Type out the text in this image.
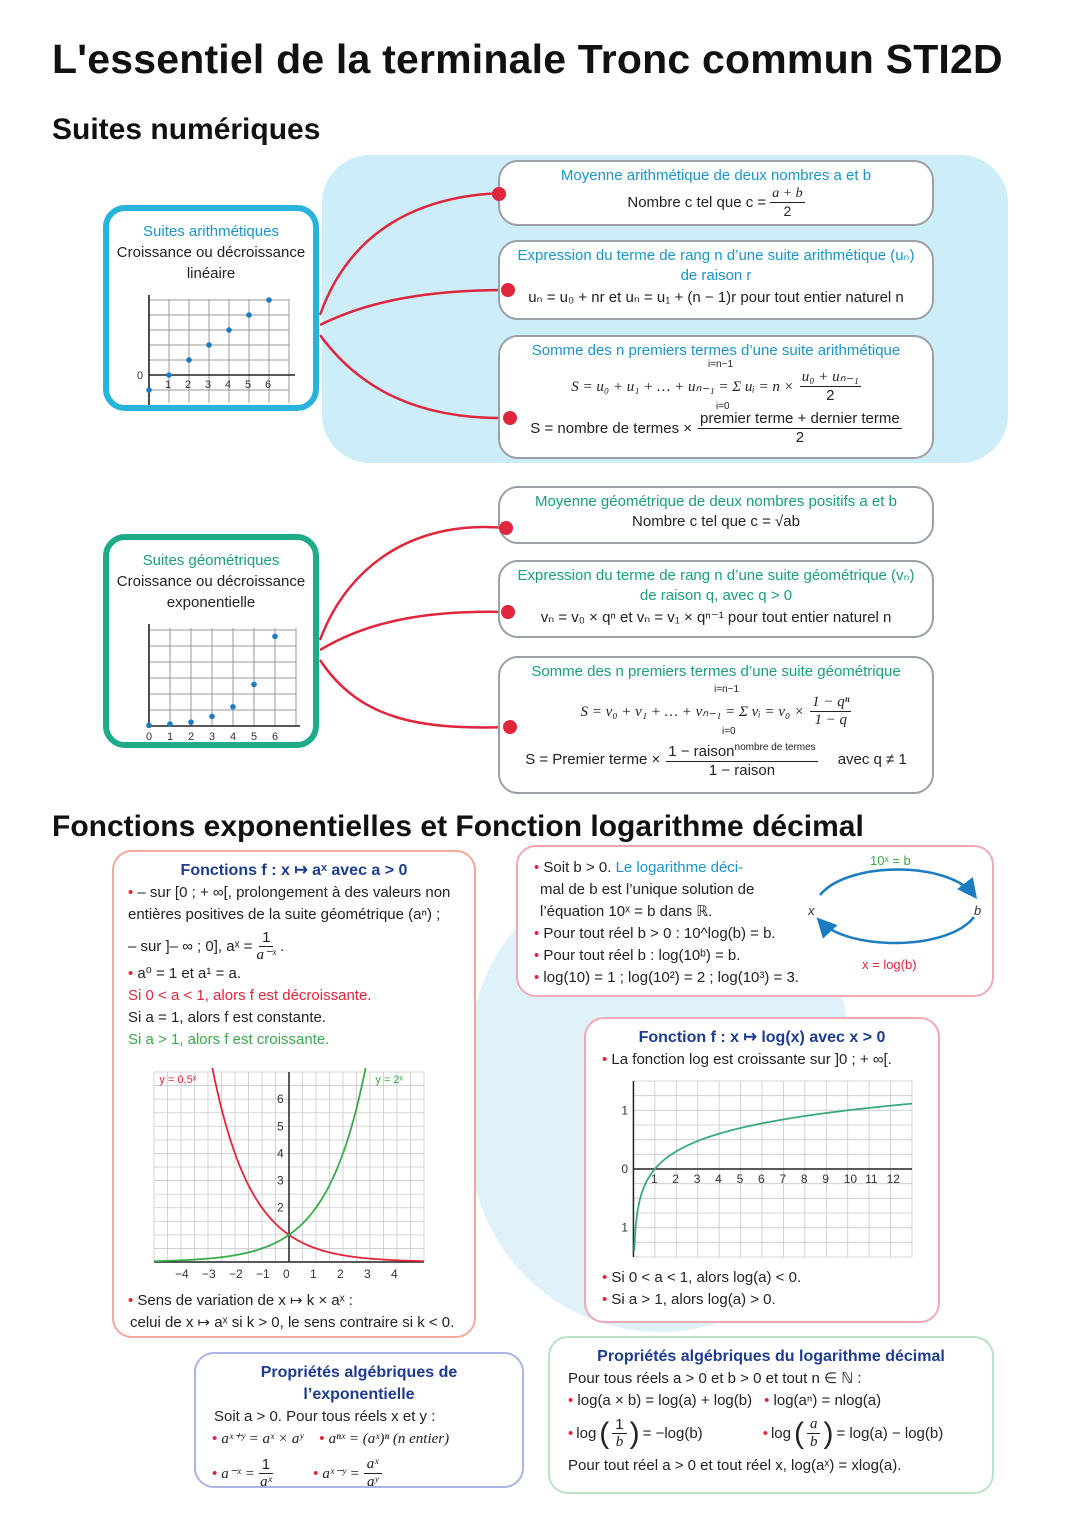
L'essentiel de la terminale Tronc commun STI2D
Suites numériques
Suites arithmétiques
Croissance ou décroissance
linéaire
1 2 3 4 5 6
0
Moyenne arithmétique de deux nombres a et b
Nombre c tel que $c = \frac{a + b}{2}$
Expression du terme de rang n d’une suite arithmétique (uₙ)
de raison r
uₙ = u₀ + nr et uₙ = u₁ + (n − 1)r pour tout entier naturel n
Somme des n premiers termes d’une suite arithmétique
S = u₀ + u₁ + … + uₙ₋₁ = Σ uᵢ = $n \times \frac{\text{u₀ + uₙ₋₁}}{2}$
i=n−1
i=0
S = nombre de termes ×
premier terme + dernier terme
2
Suites géométriques
Croissance ou décroissance
exponentielle
0 1 2 3 4 5 6
Moyenne géométrique de deux nombres positifs a et b
Nombre c tel que c = √ab
Expression du terme de rang n d’une suite géométrique (vₙ)
de raison q, avec q > 0
vₙ = v₀ × qⁿ et vₙ = v₁ × qⁿ⁻¹ pour tout entier naturel n
Somme des n premiers termes d’une suite géométrique
S = v₀ + v₁ + … + vₙ₋₁ = Σ vᵢ = $v_0 \times \frac{\text{1 − qⁿ}}{1 - q}$
i=n−1
i=0
S = Premier terme × 1 − raison$^{nombre de termes}$
1 − raison
avec q ≠ 1
Fonctions exponentielles et Fonction logarithme décimal
Fonctions f : x ↦ aˣ avec a > 0
• – sur [0 ; + ∞[, prolongement à des valeurs non
entières positives de la suite géométrique (aⁿ) ;
– sur ]– ∞ ; 0], aˣ = $\frac{1}{\text{a⁻ˣ}}$ .
• a⁰ = 1 et a¹ = a.
Si 0 < a < 1, alors f est décroissante.
Si a = 1, alors f est constante.
Si a > 1, alors f est croissante.
−4 −3 −2 −1 0 1 2 3 4
2
3
4
5
6
y = 0,5ˣ	y = 2ˣ
• Sens de variation de x ↦ k × aˣ :
celui de x ↦ aˣ si k > 0, le sens contraire si k < 0.
• Soit b > 0. Le logarithme déci-
mal de b est l’unique solution de
l’équation 10ˣ = b dans ℝ.
• Pour tout réel b > 0 : 10^log(b) = b.
• Pour tout réel b : log(10ᵇ) = b.
• log(10) = 1 ; log(10²) = 2 ; log(10³) = 3.
10ˣ = b
x	b
x = log(b)
Fonction f : x ↦ log(x) avec x > 0
• La fonction log est croissante sur ]0 ; + ∞[.
1 2 3 4 5 6 7 8 9 10 11 12
1
0
1
• Si 0 < a < 1, alors log(a) < 0.
• Si a > 1, alors log(a) > 0.
Propriétés algébriques de l’exponentielle
Soit a > 0. Pour tous réels x et y :
• aˣ⁺ʸ = aˣ × aʸ • aⁿˣ = (aˣ)ⁿ (n entier)
• a⁻ˣ = $\frac{1}{\text{aˣ}}$	• aˣ⁻ʸ = $\frac{\text{aˣ}}{\text{aʸ}}$
Propriétés algébriques du logarithme décimal
Pour tous réels a > 0 et b > 0 et tout n ∈ ℕ :
• log(a × b) = log(a) + log(b) • log(aⁿ) = nlog(a)
• log ( $\frac{1}{b}$ ) = −log(b)	• log ( $\frac{a}{b}$ ) = log(a) − log(b)
Pour tout réel a > 0 et tout réel x, log(aˣ) = xlog(a).
